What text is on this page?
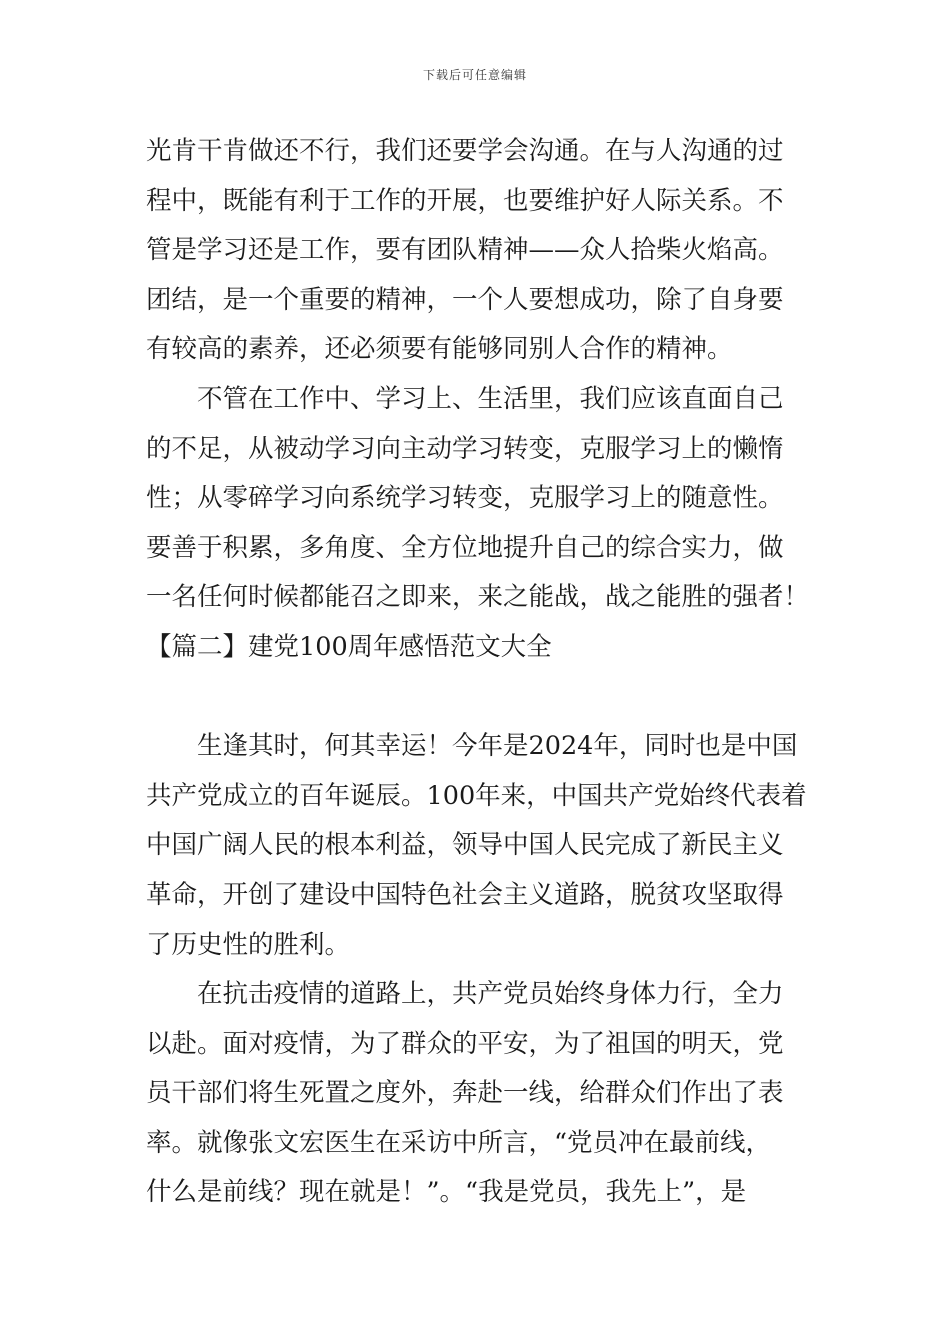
下载后可任意编辑
光肯干肯做还不行，我们还要学会沟通。在与人沟通的过
程中，既能有利于工作的开展，也要维护好人际关系。不
管是学习还是工作，要有团队精神——众人拾柴火焰高。
团结，是一个重要的精神，一个人要想成功，除了自身要
有较高的素养，还必须要有能够同别人合作的精神。
不管在工作中、学习上、生活里，我们应该直面自己
的不足，从被动学习向主动学习转变，克服学习上的懒惰
性；从零碎学习向系统学习转变，克服学习上的随意性。
要善于积累，多角度、全方位地提升自己的综合实力，做
一名任何时候都能召之即来，来之能战，战之能胜的强者！
【篇二】建党100周年感悟范文大全
生逢其时，何其幸运！今年是2024年，同时也是中国
共产党成立的百年诞辰。100年来，中国共产党始终代表着
中国广阔人民的根本利益，领导中国人民完成了新民主义
革命，开创了建设中国特色社会主义道路，脱贫攻坚取得
了历史性的胜利。
在抗击疫情的道路上，共产党员始终身体力行，全力
以赴。面对疫情，为了群众的平安，为了祖国的明天，党
员干部们将生死置之度外，奔赴一线，给群众们作出了表
率。就像张文宏医生在采访中所言，“党员冲在最前线，
什么是前线？现在就是！”。“我是党员，我先上”，是
